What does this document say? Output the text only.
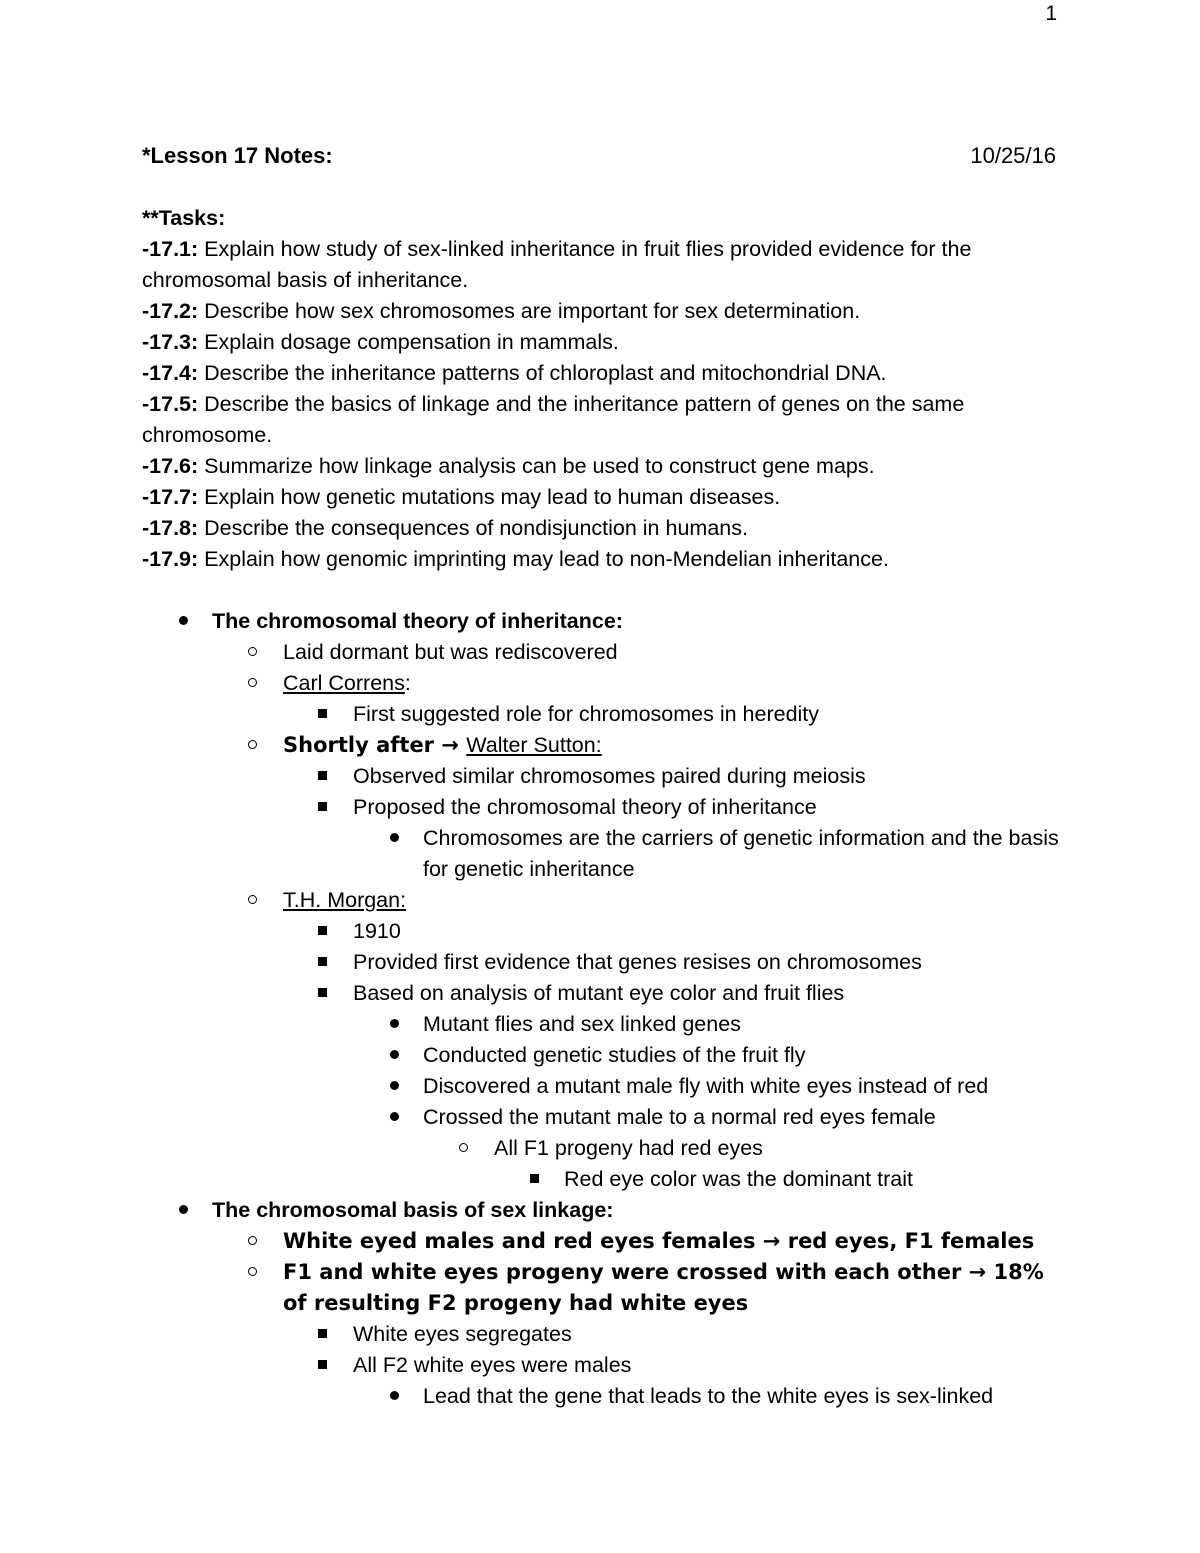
1
*Lesson 17 Notes:	10/25/16
**Tasks:
-17.1: Explain how study of sex-linked inheritance in fruit flies provided evidence for the chromosomal basis of inheritance.
-17.2: Describe how sex chromosomes are important for sex determination.
-17.3: Explain dosage compensation in mammals.
-17.4: Describe the inheritance patterns of chloroplast and mitochondrial DNA.
-17.5: Describe the basics of linkage and the inheritance pattern of genes on the same chromosome.
-17.6: Summarize how linkage analysis can be used to construct gene maps.
-17.7: Explain how genetic mutations may lead to human diseases.
-17.8: Describe the consequences of nondisjunction in humans.
-17.9: Explain how genomic imprinting may lead to non-Mendelian inheritance.
The chromosomal theory of inheritance:
Laid dormant but was rediscovered
Carl Correns:
First suggested role for chromosomes in heredity
Shortly after → Walter Sutton:
Observed similar chromosomes paired during meiosis
Proposed the chromosomal theory of inheritance
Chromosomes are the carriers of genetic information and the basis for genetic inheritance
T.H. Morgan:
1910
Provided first evidence that genes resises on chromosomes
Based on analysis of mutant eye color and fruit flies
Mutant flies and sex linked genes
Conducted genetic studies of the fruit fly
Discovered a mutant male fly with white eyes instead of red
Crossed the mutant male to a normal red eyes female
All F1 progeny had red eyes
Red eye color was the dominant trait
The chromosomal basis of sex linkage:
White eyed males and red eyes females → red eyes, F1 females
F1 and white eyes progeny were crossed with each other → 18% of resulting F2 progeny had white eyes
White eyes segregates
All F2 white eyes were males
Lead that the gene that leads to the white eyes is sex-linked
